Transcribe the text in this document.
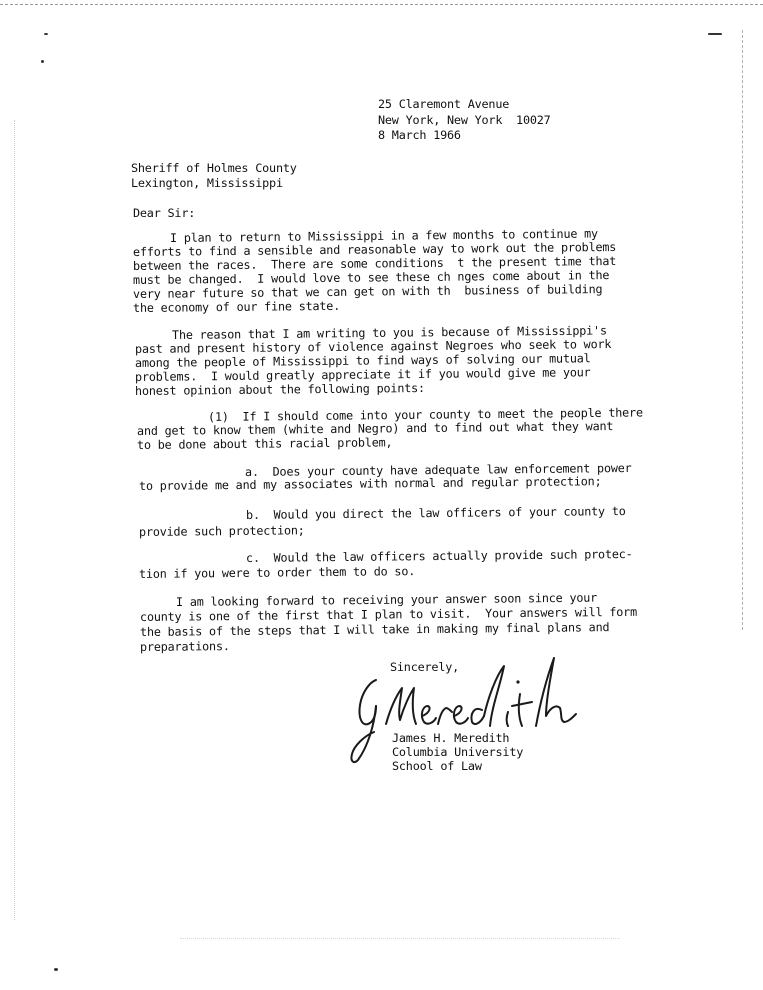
25 Claremont Avenue
New York, New York  10027
8 March 1966
Sheriff of Holmes County
Lexington, Mississippi
Dear Sir:
I plan to return to Mississippi in a few months to continue my
efforts to find a sensible and reasonable way to work out the problems
between the races.  There are some conditions  t the present time that
must be changed.  I would love to see these ch nges come about in the
very near future so that we can get on with th  business of building
the economy of our fine state.
The reason that I am writing to you is because of Mississippi's
past and present history of violence against Negroes who seek to work
among the people of Mississippi to find ways of solving our mutual
problems.  I would greatly appreciate it if you would give me your
honest opinion about the following points:
(1)  If I should come into your county to meet the people there
and get to know them (white and Negro) and to find out what they want
to be done about this racial problem,
a.  Does your county have adequate law enforcement power
to provide me and my associates with normal and regular protection;
b.  Would you direct the law officers of your county to
provide such protection;
c.  Would the law officers actually provide such protec-
tion if you were to order them to do so.
I am looking forward to receiving your answer soon since your
county is one of the first that I plan to visit.  Your answers will form
the basis of the steps that I will take in making my final plans and
preparations.
Sincerely,
James H. Meredith
Columbia University
School of Law
